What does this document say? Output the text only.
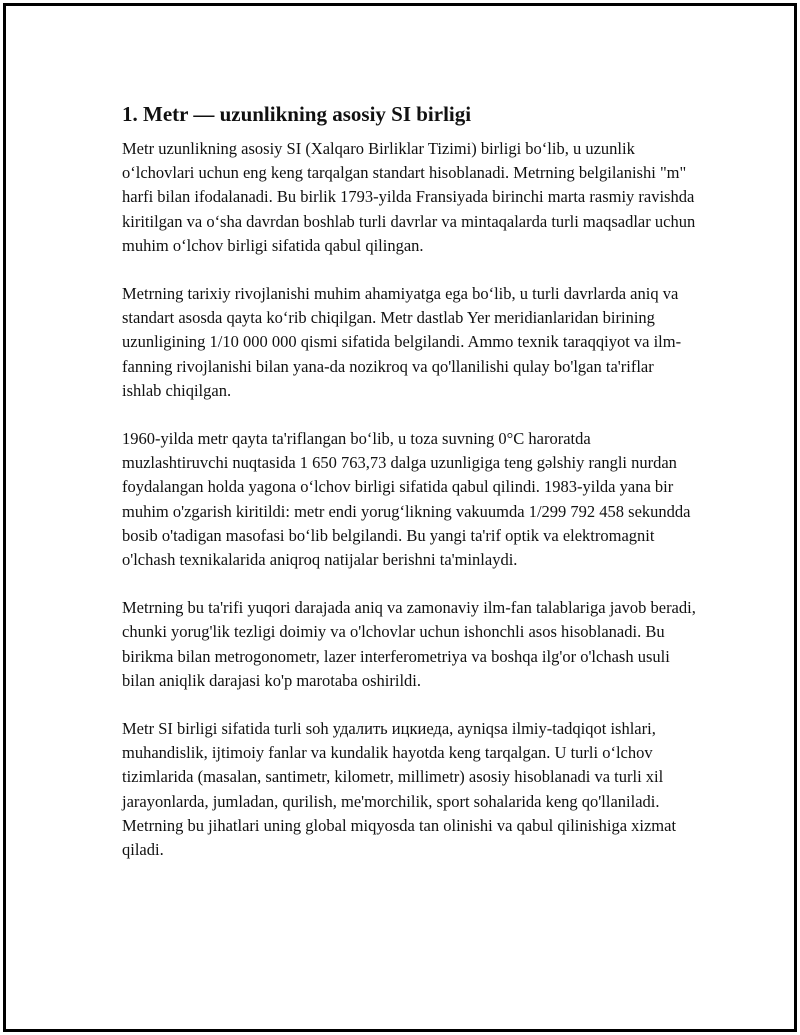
1. Metr — uzunlikning asosiy SI birligi

Metr uzunlikning asosiy SI (Xalqaro Birliklar Tizimi) birligi bo‘lib, u uzunlik o‘lchovlari uchun eng keng tarqalgan standart hisoblanadi. Metrning belgilanishi "m" harfi bilan ifodalanadi. Bu birlik 1793-yilda Fransiyada birinchi marta rasmiy ravishda kiritilgan va o‘sha davrdan boshlab turli davrlar va mintaqalarda turli maqsadlar uchun muhim o‘lchov birligi sifatida qabul qilingan.

Metrning tarixiy rivojlanishi muhim ahamiyatga ega bo‘lib, u turli davrlarda aniq va standart asosda qayta ko‘rib chiqilgan. Metr dastlab Yer meridianlaridan birining uzunligining 1/10 000 000 qismi sifatida belgilandi. Ammo texnik taraqqiyot va ilm-fanning rivojlanishi bilan yana-da nozikroq va qo'llanilishi qulay bo'lgan ta'riflar ishlab chiqilgan.

1960-yilda metr qayta ta'riflangan bo‘lib, u toza suvning 0°C haroratda muzlashtiruvchi nuqtasida 1 650 763,73 dalga uzunligiga teng gəlshiy rangli nurdan foydalangan holda yagona o‘lchov birligi sifatida qabul qilindi. 1983-yilda yana bir muhim o'zgarish kiritildi: metr endi yorug‘likning vakuumda 1/299 792 458 sekundda bosib o'tadigan masofasi bo‘lib belgilandi. Bu yangi ta'rif optik va elektromagnit o'lchash texnikalarida aniqroq natijalar berishni ta'minlaydi.

Metrning bu ta'rifi yuqori darajada aniq va zamonaviy ilm-fan talablariga javob beradi, chunki yorug'lik tezligi doimiy va o'lchovlar uchun ishonchli asos hisoblanadi. Bu birikma bilan metrogonometr, lazer interferometriya va boshqa ilg'or o'lchash usuli bilan aniqlik darajasi ko'p marotaba oshirildi.

Metr SI birligi sifatida turli soh удалить ицкиеда, ayniqsa ilmiy-tadqiqot ishlari, muhandislik, ijtimoiy fanlar va kundalik hayotda keng tarqalgan. U turli o‘lchov tizimlarida (masalan, santimetr, kilometr, millimetr) asosiy hisoblanadi va turli xil jarayonlarda, jumladan, qurilish, me'morchilik, sport sohalarida keng qo'llaniladi. Metrning bu jihatlari uning global miqyosda tan olinishi va qabul qilinishiga xizmat qiladi.
